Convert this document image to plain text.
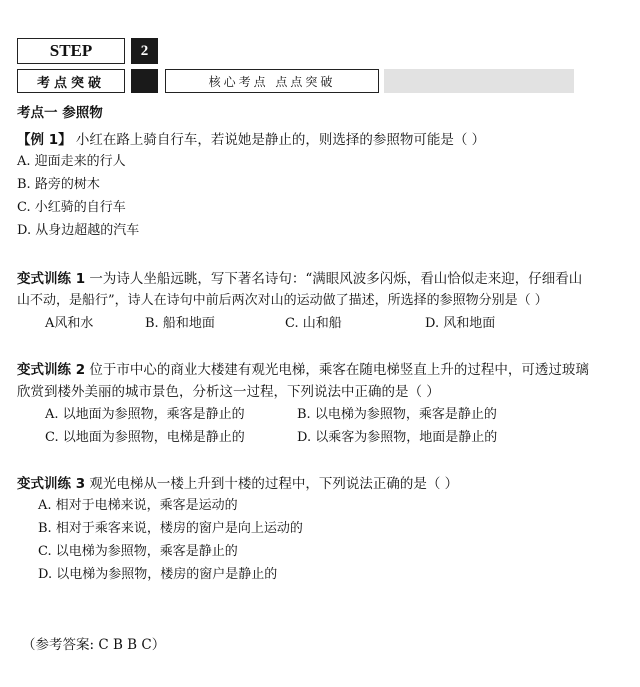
STEP	2
考点突破	核心考点 点点突破
考点一 参照物
【例 1】 小红在路上骑自行车，若说她是静止的，则选择的参照物可能是（ ）
A. 迎面走来的行人
B. 路旁的树木
C. 小红骑的自行车
D. 从身边超越的汽车
变式训练 1 一为诗人坐船远眺，写下著名诗句：“满眼风波多闪烁，看山恰似走来迎，仔细看山
山不动，是船行”，诗人在诗句中前后两次对山的运动做了描述，所选择的参照物分别是（ ）
A风和水	B. 船和地面	C. 山和船	D. 风和地面
变式训练 2 位于市中心的商业大楼建有观光电梯，乘客在随电梯竖直上升的过程中，可透过玻璃
欣赏到楼外美丽的城市景色，分析这一过程，下列说法中正确的是（ ）
A. 以地面为参照物，乘客是静止的	B. 以电梯为参照物，乘客是静止的
C. 以地面为参照物，电梯是静止的	D. 以乘客为参照物，地面是静止的
变式训练 3 观光电梯从一楼上升到十楼的过程中，下列说法正确的是（ ）
A. 相对于电梯来说，乘客是运动的
B. 相对于乘客来说，楼房的窗户是向上运动的
C. 以电梯为参照物，乘客是静止的
D. 以电梯为参照物，楼房的窗户是静止的
（参考答案: C B B C）
